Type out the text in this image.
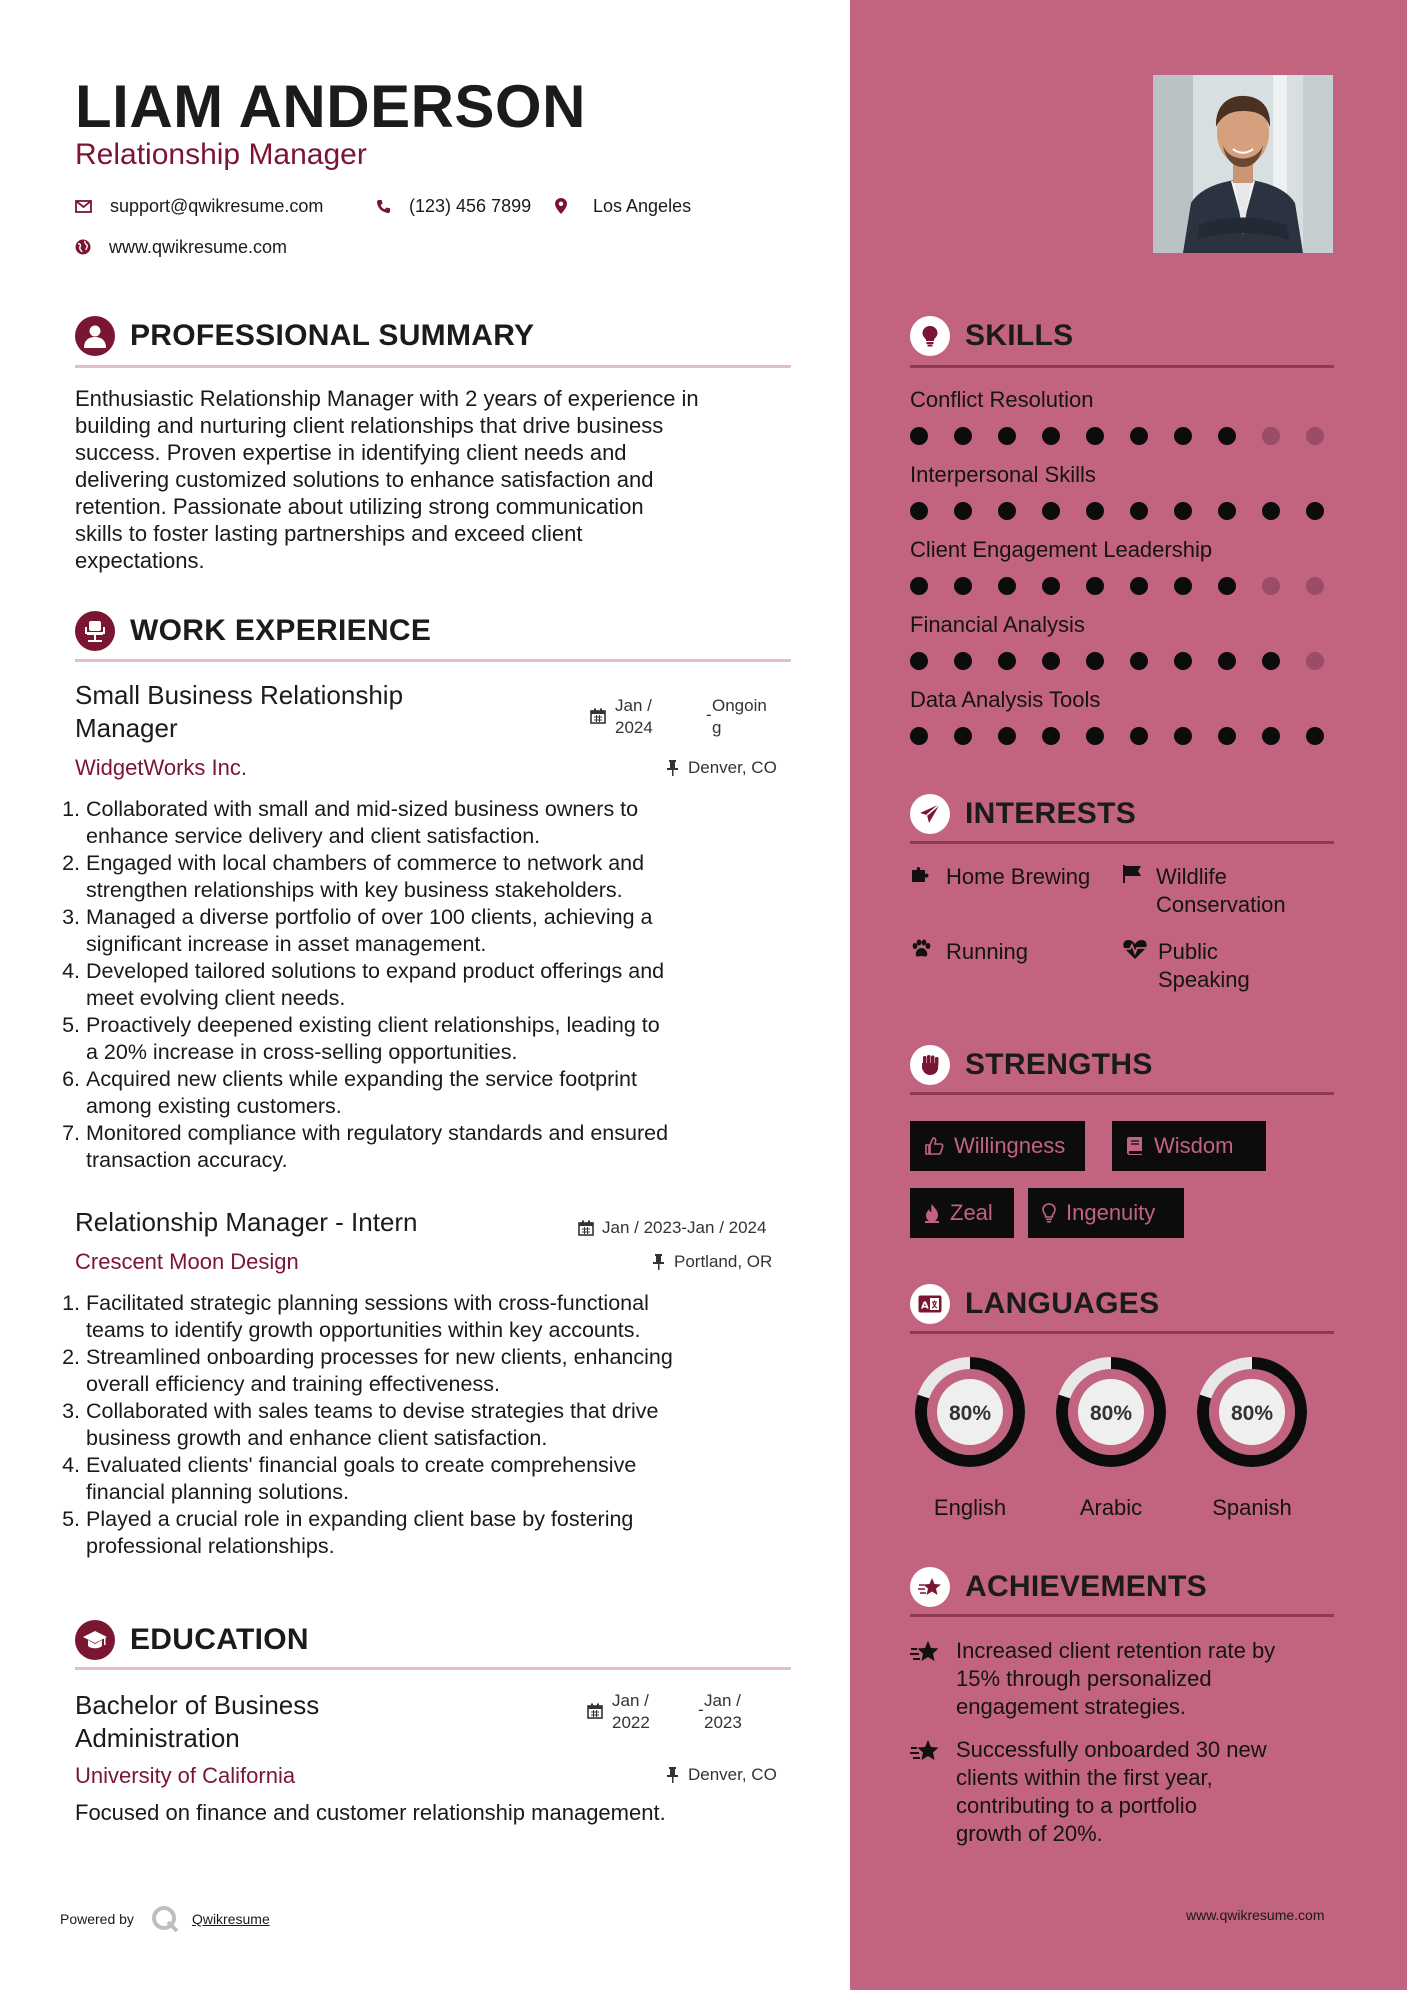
LIAM ANDERSON
Relationship Manager
support@qwikresume.com	(123) 456 7899	Los Angeles
www.qwikresume.com
PROFESSIONAL SUMMARY
Enthusiastic Relationship Manager with 2 years of experience in
building and nurturing client relationships that drive business
success. Proven expertise in identifying client needs and
delivering customized solutions to enhance satisfaction and
retention. Passionate about utilizing strong communication
skills to foster lasting partnerships and exceed client
expectations.
WORK EXPERIENCE
Small Business Relationship
Manager
Jan /
2024
- Ongoin
g
WidgetWorks Inc.	Denver, CO
1. Collaborated with small and mid-sized business owners to
enhance service delivery and client satisfaction.
2. Engaged with local chambers of commerce to network and
strengthen relationships with key business stakeholders.
3. Managed a diverse portfolio of over 100 clients, achieving a
significant increase in asset management.
4. Developed tailored solutions to expand product offerings and
meet evolving client needs.
5. Proactively deepened existing client relationships, leading to
a 20% increase in cross-selling opportunities.
6. Acquired new clients while expanding the service footprint
among existing customers.
7. Monitored compliance with regulatory standards and ensured
transaction accuracy.
Relationship Manager - Intern	Jan / 2023-Jan / 2024
Crescent Moon Design	Portland, OR
1. Facilitated strategic planning sessions with cross-functional
teams to identify growth opportunities within key accounts.
2. Streamlined onboarding processes for new clients, enhancing
overall efficiency and training effectiveness.
3. Collaborated with sales teams to devise strategies that drive
business growth and enhance client satisfaction.
4. Evaluated clients' financial goals to create comprehensive
financial planning solutions.
5. Played a crucial role in expanding client base by fostering
professional relationships.
EDUCATION
Bachelor of Business
Administration
Jan /
2022
- Jan /
2023
University of California	Denver, CO
Focused on finance and customer relationship management.
Powered by	Qwikresume
SKILLS
Conflict Resolution
Interpersonal Skills
Client Engagement Leadership
Financial Analysis
Data Analysis Tools
INTERESTS
Home Brewing	Wildlife
Conservation
Running	Public
Speaking
STRENGTHS
Willingness	Wisdom
Zeal	Ingenuity
A LANGUAGES
80%
English
80%
Arabic
80%
Spanish
ACHIEVEMENTS
Increased client retention rate by
15% through personalized
engagement strategies.
Successfully onboarded 30 new
clients within the first year,
contributing to a portfolio
growth of 20%.
www.qwikresume.com
